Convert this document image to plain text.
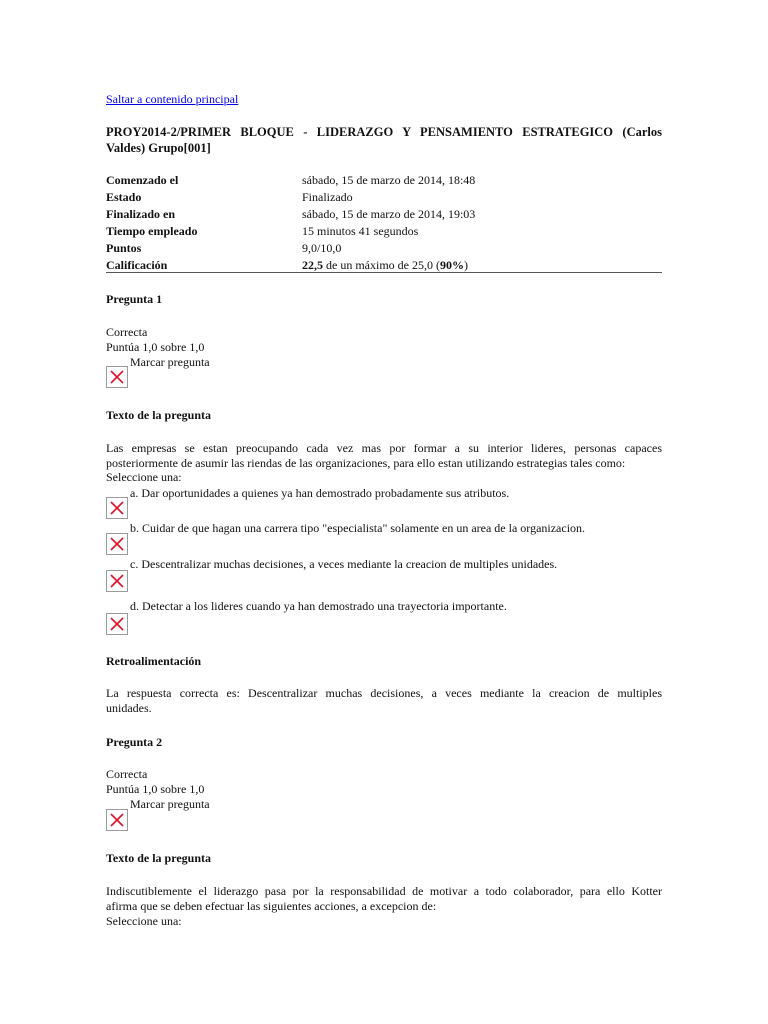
Saltar a contenido principal
PROY2014-2/PRIMER BLOQUE - LIDERAZGO Y PENSAMIENTO ESTRATEGICO (Carlos
Valdes) Grupo[001]
Comenzado el	sábado, 15 de marzo de 2014, 18:48
Estado	Finalizado
Finalizado en	sábado, 15 de marzo de 2014, 19:03
Tiempo empleado	15 minutos 41 segundos
Puntos	9,0/10,0
Calificación	22,5 de un máximo de 25,0 (90%)
Pregunta 1
Correcta
Puntúa 1,0 sobre 1,0
Marcar pregunta
Texto de la pregunta
Las empresas se estan preocupando cada vez mas por formar a su interior lideres, personas capaces
posteriormente de asumir las riendas de las organizaciones, para ello estan utilizando estrategias tales como:
Seleccione una:
a. Dar oportunidades a quienes ya han demostrado probadamente sus atributos.
b. Cuidar de que hagan una carrera tipo "especialista" solamente en un area de la organizacion.
c. Descentralizar muchas decisiones, a veces mediante la creacion de multiples unidades.
d. Detectar a los lideres cuando ya han demostrado una trayectoria importante.
Retroalimentación
La respuesta correcta es: Descentralizar muchas decisiones, a veces mediante la creacion de multiples
unidades.
Pregunta 2
Correcta
Puntúa 1,0 sobre 1,0
Marcar pregunta
Texto de la pregunta
Indiscutiblemente el liderazgo pasa por la responsabilidad de motivar a todo colaborador, para ello Kotter
afirma que se deben efectuar las siguientes acciones, a excepcion de:
Seleccione una:
